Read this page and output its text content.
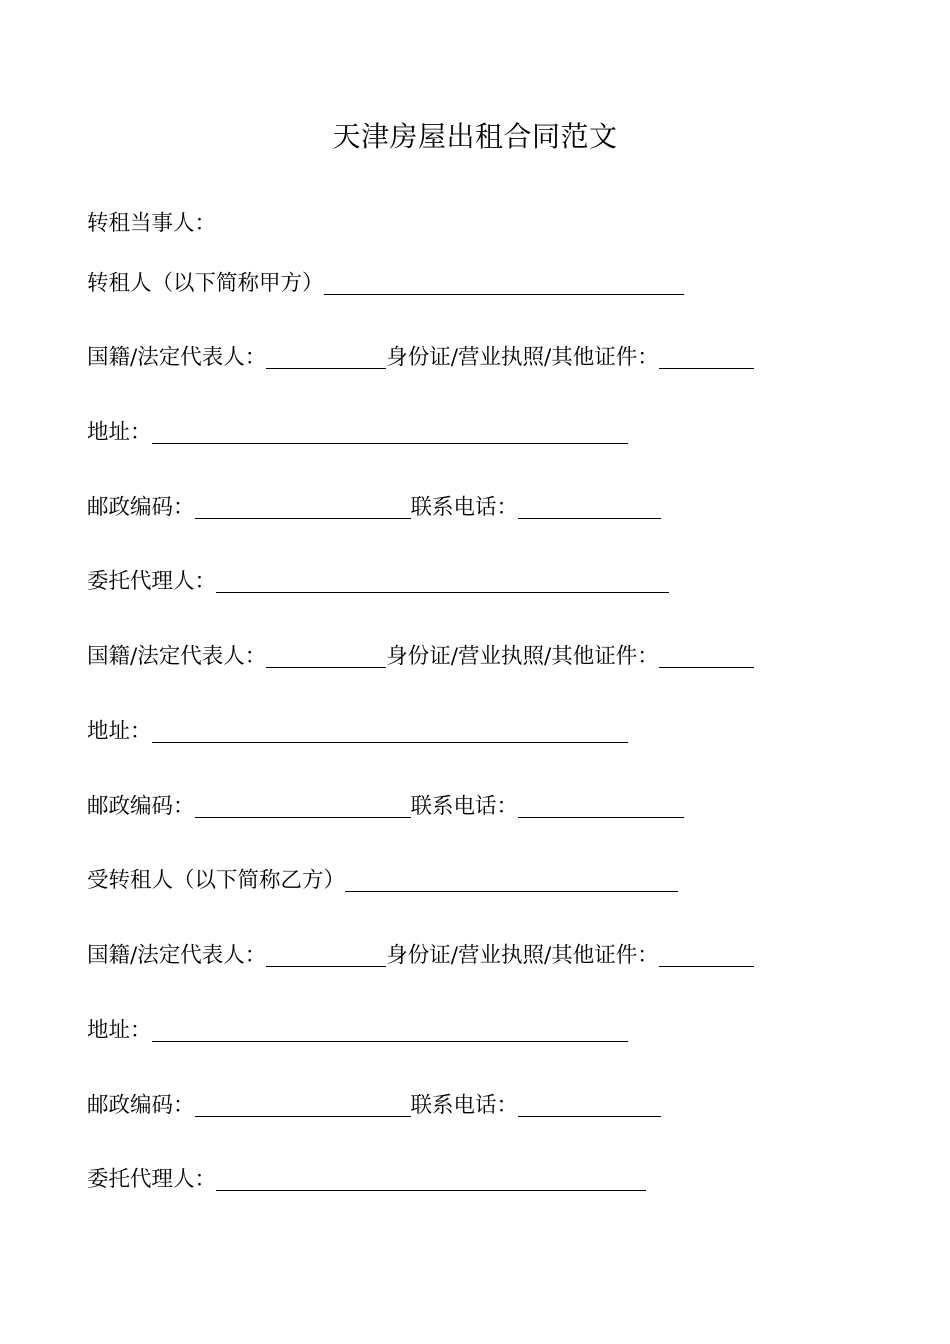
天津房屋出租合同范文
转租当事人：
转租人（以下简称甲方）
国籍/法定代表人：	身份证/营业执照/其他证件：
地址：
邮政编码：	联系电话：
委托代理人：
国籍/法定代表人：	身份证/营业执照/其他证件：
地址：
邮政编码：	联系电话：
受转租人（以下简称乙方）
国籍/法定代表人：	身份证/营业执照/其他证件：
地址：
邮政编码：	联系电话：
委托代理人：
